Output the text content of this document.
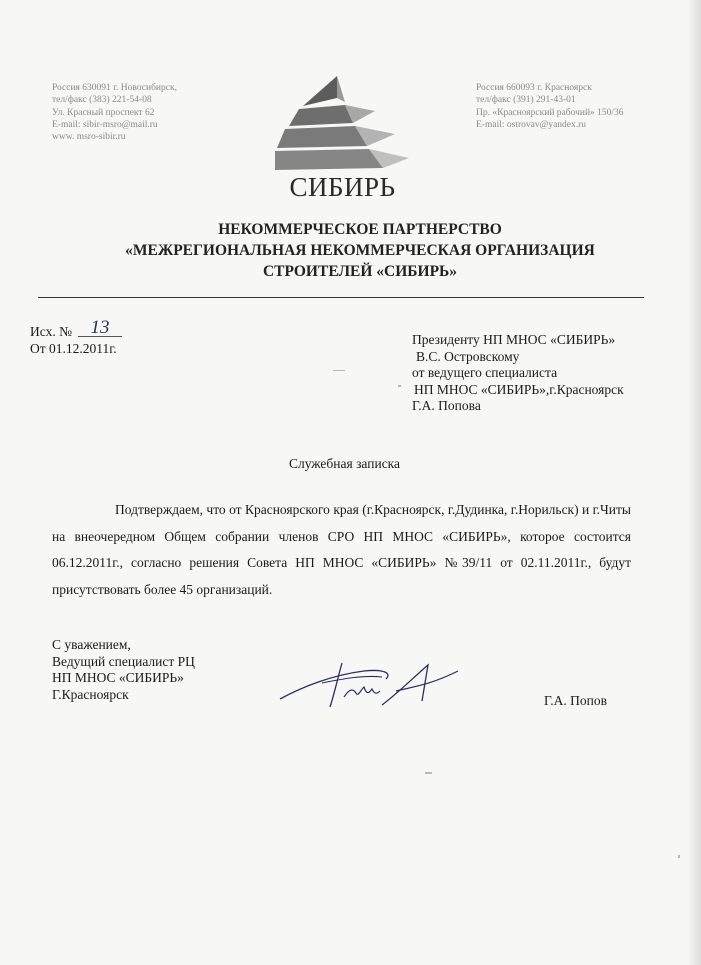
Россия 630091 г. Новосибирск,
тел/факс (383) 221-54-08
Ул. Красный проспект 62
E-mail: sibir-msro@mail.ru
www. msro-sibir.ru
Россия 660093 г. Красноярск
тел/факс (391) 291-43-01
Пр. «Красноярский рабочий» 150/36
E-mail: ostrovav@yandex.ru
СИБИРЬ
НЕКОММЕРЧЕСКОЕ ПАРТНЕРСТВО
«МЕЖРЕГИОНАЛЬНАЯ НЕКОММЕРЧЕСКАЯ ОРГАНИЗАЦИЯ
СТРОИТЕЛЕЙ «СИБИРЬ»
Исх. № 13
От 01.12.2011г.
Президенту НП МНОС «СИБИРЬ»
В.С. Островскому
от ведущего специалиста
НП МНОС «СИБИРЬ»,г.Красноярск
Г.А. Попова
Служебная записка
Подтверждаем, что от Красноярского края (г.Красноярск, г.Дудинка, г.Норильск) и г.Читы на внеочередном Общем собрании членов СРО НП МНОС «СИБИРЬ», которое состоится 06.12.2011г., согласно решения Совета НП МНОС «СИБИРЬ» №39/11 от 02.11.2011г., будут присутствовать более 45 организаций.
С уважением,
Ведущий специалист РЦ
НП МНОС «СИБИРЬ»
Г.Красноярск	Г.А. Попов
